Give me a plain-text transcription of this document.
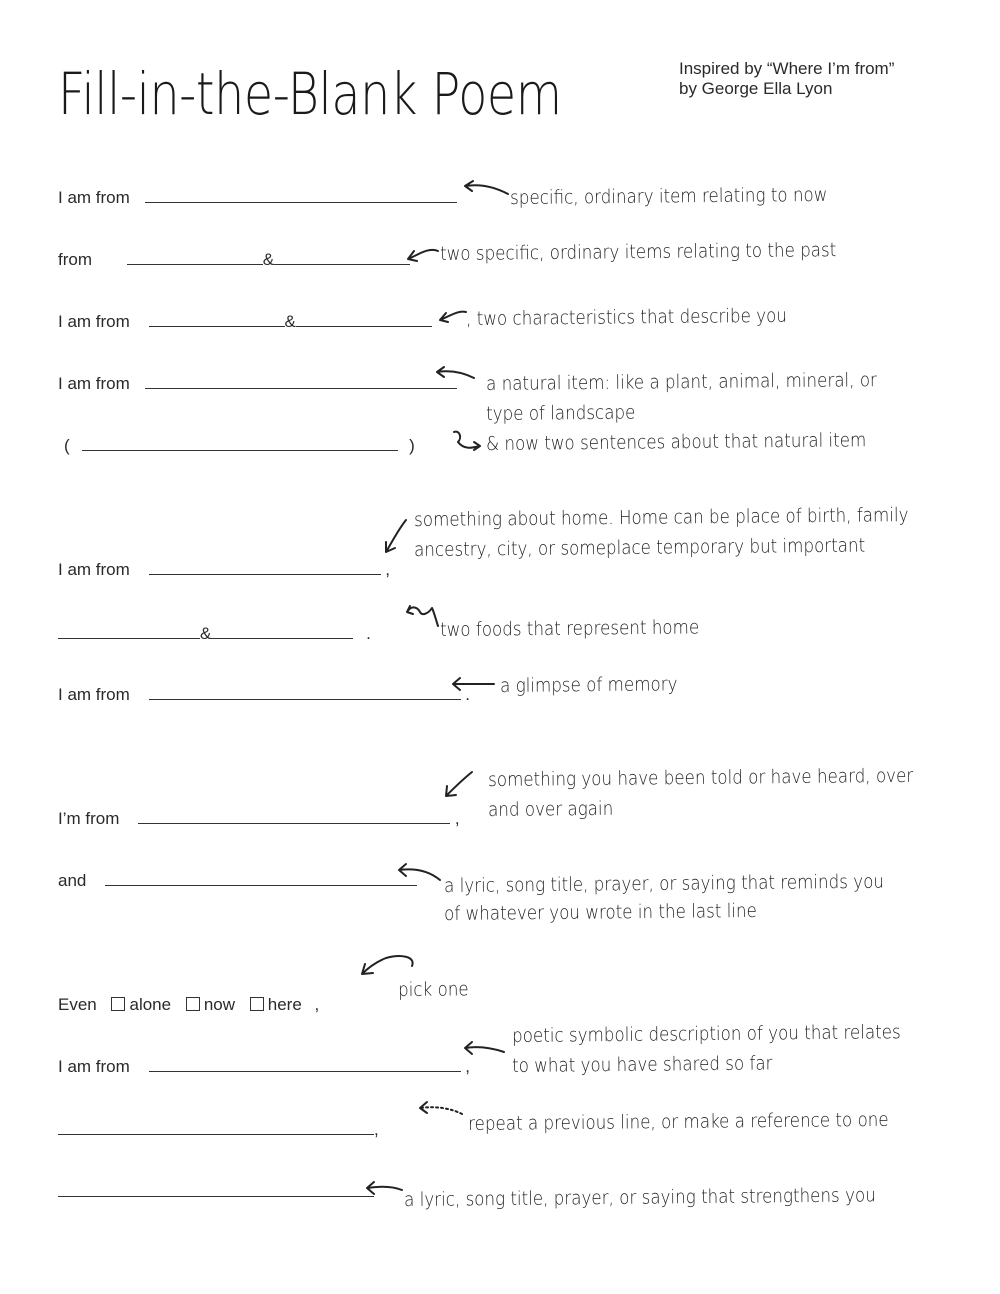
Fill-in-the-Blank Poem	Inspired by “Where I’m from”
by George Ella Lyon
I am from	specific, ordinary item relating to now
from	&	two specific, ordinary items relating to the past
I am from	&	, two characteristics that describe you
I am from	a natural item: like a plant, animal, mineral, or
type of landscape
(	)	& now two sentences about that natural item
something about home. Home can be place of birth, family
ancestry, city, or someplace temporary but important
I am from	,
&	.	two foods that represent home
I am from	. a glimpse of memory
something you have been told or have heard, over
and over again
I’m from	,
and	a lyric, song title, prayer, or saying that reminds you
of whatever you wrote in the last line
pick one
Even alone now here ,
I am from	,
poetic symbolic description of you that relates
to what you have shared so far
,	repeat a previous line, or make a reference to one
a lyric, song title, prayer, or saying that strengthens you
